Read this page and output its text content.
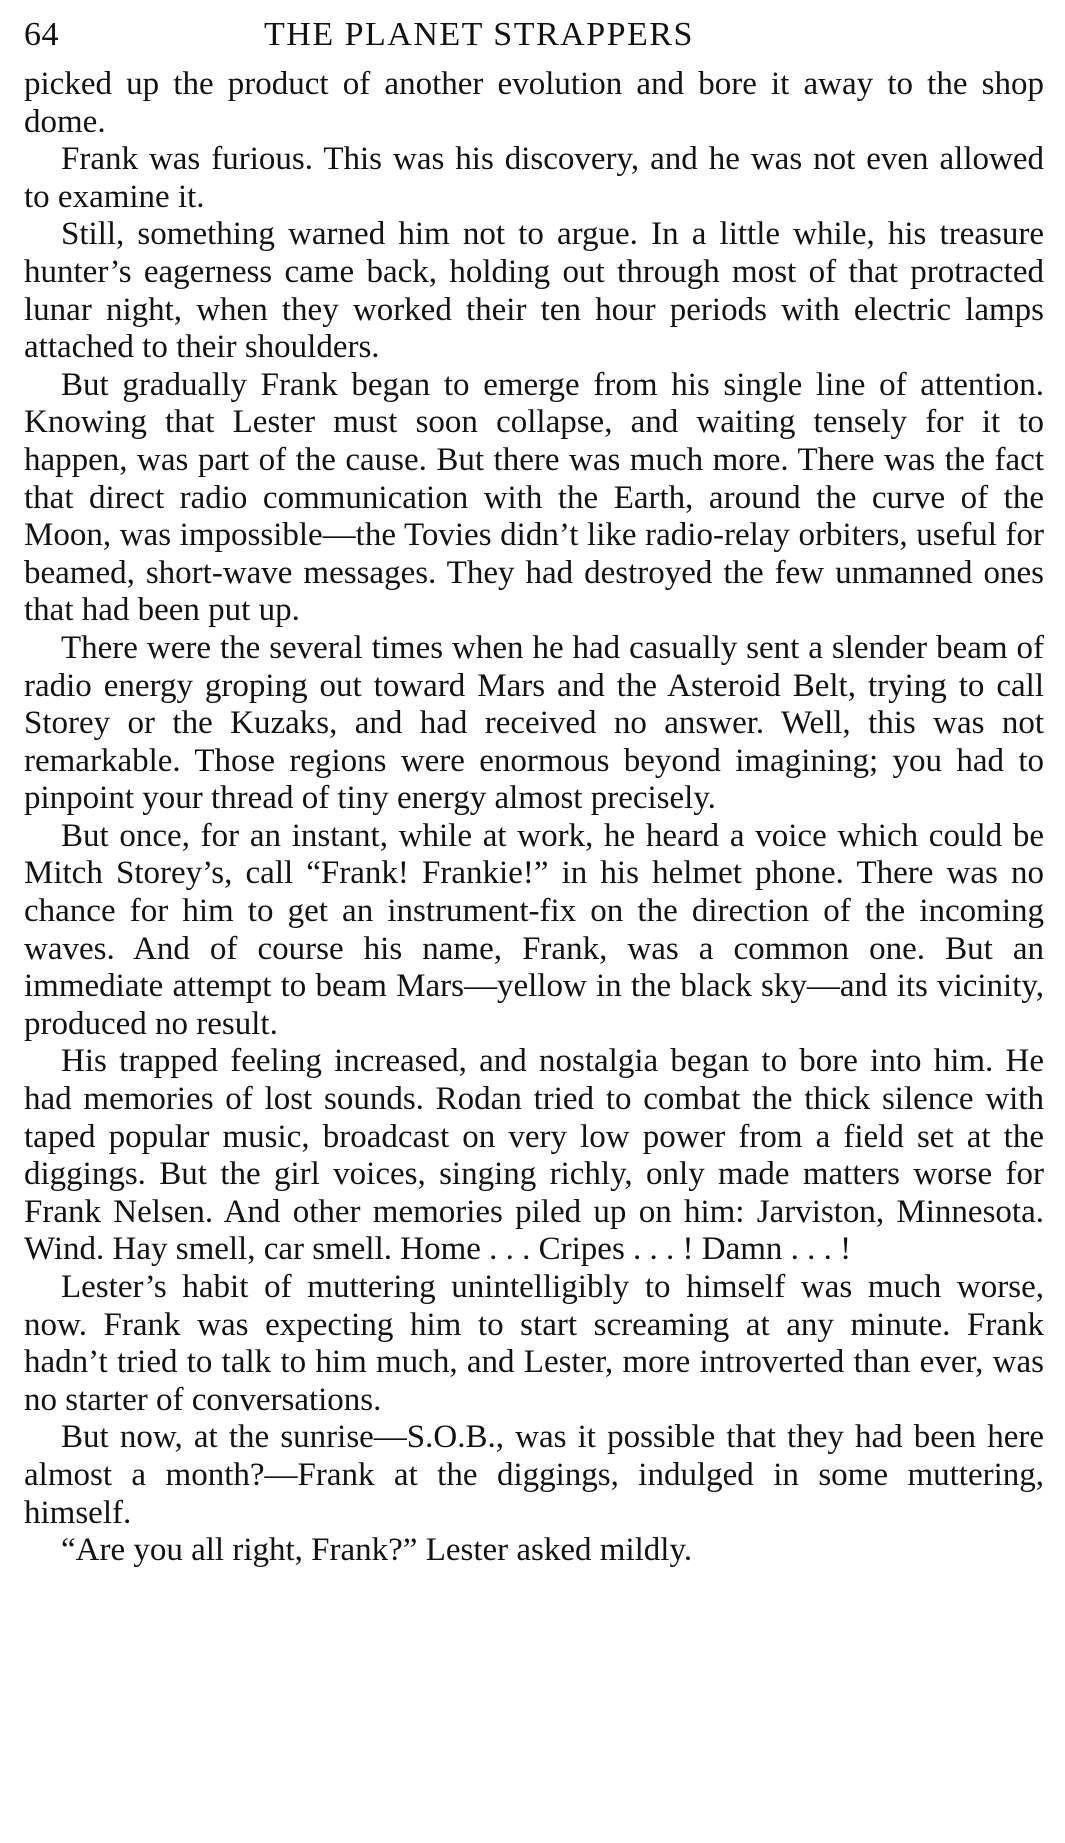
64	THE PLANET STRAPPERS

picked up the product of another evolution and bore it away to the shop dome.

Frank was furious. This was his discovery, and he was not even allowed to examine it.

Still, something warned him not to argue. In a little while, his treasure hunter’s eagerness came back, holding out through most of that protracted lunar night, when they worked their ten hour periods with electric lamps attached to their shoulders.

But gradually Frank began to emerge from his single line of attention. Knowing that Lester must soon collapse, and waiting tensely for it to happen, was part of the cause. But there was much more. There was the fact that direct radio communication with the Earth, around the curve of the Moon, was impossible—the Tovies didn’t like radio-relay orbiters, useful for beamed, short-wave messages. They had destroyed the few unmanned ones that had been put up.

There were the several times when he had casually sent a slender beam of radio energy groping out toward Mars and the Asteroid Belt, trying to call Storey or the Kuzaks, and had received no answer. Well, this was not remarkable. Those regions were enormous beyond imagining; you had to pinpoint your thread of tiny energy almost precisely.

But once, for an instant, while at work, he heard a voice which could be Mitch Storey’s, call “Frank! Frankie!” in his helmet phone. There was no chance for him to get an instrument-fix on the direction of the incoming waves. And of course his name, Frank, was a common one. But an immediate attempt to beam Mars—yellow in the black sky—and its vicinity, produced no result.

His trapped feeling increased, and nostalgia began to bore into him. He had memories of lost sounds. Rodan tried to combat the thick silence with taped popular music, broadcast on very low power from a field set at the diggings. But the girl voices, singing richly, only made matters worse for Frank Nelsen. And other memories piled up on him: Jarviston, Minnesota. Wind. Hay smell, car smell. Home . . . Cripes . . . ! Damn . . . !

Lester’s habit of muttering unintelligibly to himself was much worse, now. Frank was expecting him to start screaming at any minute. Frank hadn’t tried to talk to him much, and Lester, more introverted than ever, was no starter of conversations.

But now, at the sunrise—S.O.B., was it possible that they had been here almost a month?—Frank at the diggings, indulged in some muttering, himself.

“Are you all right, Frank?” Lester asked mildly.
